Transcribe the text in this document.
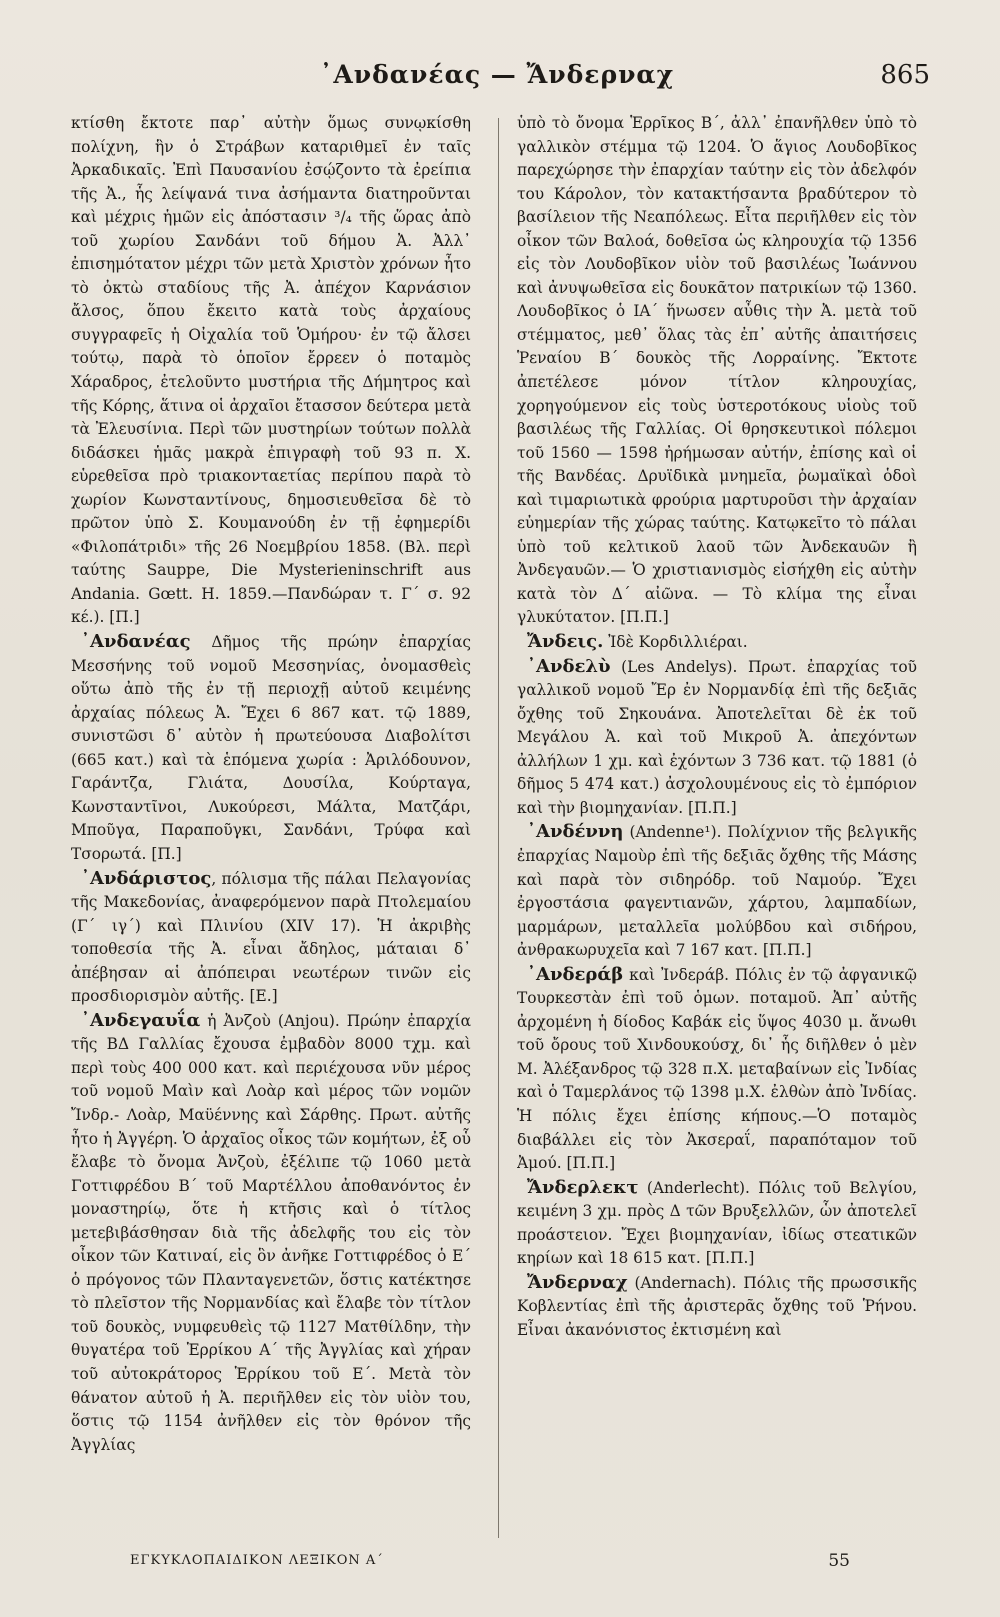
᾿Ανδανέας — Ἄνδερναχ	865

κτίσθη ἔκτοτε παρ᾿ αὐτὴν ὅμως συνῳκίσθη πολίχνη, ἣν ὁ Στράβων καταριθμεῖ ἐν ταῖς Ἀρκαδικαῖς. Ἐπὶ Παυσανίου ἐσῴζοντο τὰ ἐρείπια τῆς Ἀ., ἧς λείψανά τινα ἀσήμαντα διατηροῦνται καὶ μέχρις ἡμῶν εἰς ἀπόστασιν ³/₄ τῆς ὥρας ἀπὸ τοῦ χωρίου Σανδάνι τοῦ δήμου Ἀ. Ἀλλ᾿ ἐπισημότατον μέχρι τῶν μετὰ Χριστὸν χρόνων ἦτο τὸ ὀκτὼ σταδίους τῆς Ἀ. ἀπέχον Καρνάσιον ἄλσος, ὅπου ἔκειτο κατὰ τοὺς ἀρχαίους συγγραφεῖς ἡ Οἰχαλία τοῦ Ὁμήρου· ἐν τῷ ἄλσει τούτῳ, παρὰ τὸ ὁποῖον ἔρρεεν ὁ ποταμὸς Χάραδρος, ἐτελοῦντο μυστήρια τῆς Δήμητρος καὶ τῆς Κόρης, ἅτινα οἱ ἀρχαῖοι ἔτασσον δεύτερα μετὰ τὰ Ἐλευσίνια. Περὶ τῶν μυστηρίων τούτων πολλὰ διδάσκει ἡμᾶς μακρὰ ἐπιγραφὴ τοῦ 93 π. Χ. εὑρεθεῖσα πρὸ τριακονταετίας περίπου παρὰ τὸ χωρίον Κωνσταντίνους, δημοσιευθεῖσα δὲ τὸ πρῶτον ὑπὸ Σ. Κουμανούδη ἐν τῇ ἐφημερίδι «Φιλοπάτριδι» τῆς 26 Νοεμβρίου 1858. (Βλ. περὶ ταύτης Sauppe, Die Mysterieninschrift aus Andania. Gœtt. H. 1859.—Πανδώραν τ. Γ´ σ. 92 κέ.). [Π.]

᾿Ανδανέας Δῆμος τῆς πρώην ἐπαρχίας Μεσσήνης τοῦ νομοῦ Μεσσηνίας, ὀνομασθεὶς οὕτω ἀπὸ τῆς ἐν τῇ περιοχῇ αὐτοῦ κειμένης ἀρχαίας πόλεως Ἀ. Ἔχει 6 867 κατ. τῷ 1889, συνιστῶσι δ᾿ αὐτὸν ἡ πρωτεύουσα Διαβολίτσι (665 κατ.) καὶ τὰ ἑπόμενα χωρία : Ἀριλόδουνον, Γαράντζα, Γλιάτα, Δουσίλα, Κούρταγα, Κωνσταντῖνοι, Λυκούρεσι, Μάλτα, Ματζάρι, Μποῦγα, Παραποῦγκι, Σανδάνι, Τρύφα καὶ Τσορωτά. [Π.]

᾿Ανδάριστος, πόλισμα τῆς πάλαι Πελαγονίας τῆς Μακεδονίας, ἀναφερόμενον παρὰ Πτολεμαίου (Γ´ ιγ´) καὶ Πλινίου (XIV 17). Ἡ ἀκριβὴς τοποθεσία τῆς Ἀ. εἶναι ἄδηλος, μάταιαι δ᾿ ἀπέβησαν αἱ ἀπόπειραι νεωτέρων τινῶν εἰς προσδιορισμὸν αὐτῆς. [Ε.]

᾿Ανδεγαυΐα ἡ Ἀνζοὺ (Anjou). Πρώην ἐπαρχία τῆς ΒΔ Γαλλίας ἔχουσα ἐμβαδὸν 8000 τχμ. καὶ περὶ τοὺς 400 000 κατ. καὶ περιέχουσα νῦν μέρος τοῦ νομοῦ Μαὶν καὶ Λοὰρ καὶ μέρος τῶν νομῶν Ἴνδρ.- Λοὰρ, Μαϋέννης καὶ Σάρθης. Πρωτ. αὐτῆς ἦτο ἡ Ἀγγέρη. Ὁ ἀρχαῖος οἶκος τῶν κομήτων, ἐξ οὗ ἔλαβε τὸ ὄνομα Ἀνζοὺ, ἐξέλιπε τῷ 1060 μετὰ Γοττιφρέδου Β´ τοῦ Μαρτέλλου ἀποθανόντος ἐν μοναστηρίῳ, ὅτε ἡ κτῆσις καὶ ὁ τίτλος μετεβιβάσθησαν διὰ τῆς ἀδελφῆς του εἰς τὸν οἶκον τῶν Κατιναί, εἰς ὃν ἀνῆκε Γοττιφρέδος ὁ Ε´ ὁ πρόγονος τῶν Πλανταγενετῶν, ὅστις κατέκτησε τὸ πλεῖστον τῆς Νορμανδίας καὶ ἔλαβε τὸν τίτλον τοῦ δουκὸς, νυμφευθεὶς τῷ 1127 Ματθίλδην, τὴν θυγατέρα τοῦ Ἑρρίκου Α´ τῆς Ἀγγλίας καὶ χήραν τοῦ αὐτοκράτορος Ἑρρίκου τοῦ Ε´. Μετὰ τὸν θάνατον αὐτοῦ ἡ Ἀ. περιῆλθεν εἰς τὸν υἱὸν του, ὅστις τῷ 1154 ἀνῆλθεν εἰς τὸν θρόνον τῆς Ἀγγλίας

ὑπὸ τὸ ὄνομα Ἑρρῖκος Β´, ἀλλ᾿ ἐπανῆλθεν ὑπὸ τὸ γαλλικὸν στέμμα τῷ 1204. Ὁ ἅγιος Λουδοβῖκος παρεχώρησε τὴν ἐπαρχίαν ταύτην εἰς τὸν ἀδελφόν του Κάρολον, τὸν κατακτήσαντα βραδύτερον τὸ βασίλειον τῆς Νεαπόλεως. Εἶτα περιῆλθεν εἰς τὸν οἶκον τῶν Βαλοά, δοθεῖσα ὡς κληρουχία τῷ 1356 εἰς τὸν Λουδοβῖκον υἱὸν τοῦ βασιλέως Ἰωάννου καὶ ἀνυψωθεῖσα εἰς δουκᾶτον πατρικίων τῷ 1360. Λουδοβῖκος ὁ ΙΑ´ ἥνωσεν αὖθις τὴν Ἀ. μετὰ τοῦ στέμματος, μεθ᾿ ὅλας τὰς ἐπ᾿ αὐτῆς ἀπαιτήσεις Ῥεναίου Β´ δουκὸς τῆς Λορραίνης. Ἔκτοτε ἀπετέλεσε μόνον τίτλον κληρουχίας, χορηγούμενον εἰς τοὺς ὑστεροτόκους υἱοὺς τοῦ βασιλέως τῆς Γαλλίας. Οἱ θρησκευτικοὶ πόλεμοι τοῦ 1560 — 1598 ἠρήμωσαν αὐτήν, ἐπίσης καὶ οἱ τῆς Βανδέας. Δρυϊδικὰ μνημεῖα, ῥωμαϊκαὶ ὁδοὶ καὶ τιμαριωτικὰ φρούρια μαρτυροῦσι τὴν ἀρχαίαν εὐημερίαν τῆς χώρας ταύτης. Κατῳκεῖτο τὸ πάλαι ὑπὸ τοῦ κελτικοῦ λαοῦ τῶν Ἀνδεκαυῶν ἢ Ἀνδεγαυῶν.— Ὁ χριστιανισμὸς εἰσήχθη εἰς αὐτὴν κατὰ τὸν Δ´ αἰῶνα. — Τὸ κλίμα της εἶναι γλυκύτατον. [Π.Π.]

Ἄνδεις. Ἰδὲ Κορδιλλιέραι.

᾿Ανδελὺ (Les Andelys). Πρωτ. ἐπαρχίας τοῦ γαλλικοῦ νομοῦ Ἔρ ἐν Νορμανδίᾳ ἐπὶ τῆς δεξιᾶς ὄχθης τοῦ Σηκουάνα. Ἀποτελεῖται δὲ ἐκ τοῦ Μεγάλου Ἀ. καὶ τοῦ Μικροῦ Ἀ. ἀπεχόντων ἀλλήλων 1 χμ. καὶ ἐχόντων 3 736 κατ. τῷ 1881 (ὁ δῆμος 5 474 κατ.) ἀσχολουμένους εἰς τὸ ἐμπόριον καὶ τὴν βιομηχανίαν. [Π.Π.]

᾿Ανδέννη (Andenne¹). Πολίχνιον τῆς βελγικῆς ἐπαρχίας Ναμοὺρ ἐπὶ τῆς δεξιᾶς ὄχθης τῆς Μάσης καὶ παρὰ τὸν σιδηρόδρ. τοῦ Ναμούρ. Ἔχει ἐργοστάσια φαγεντιανῶν, χάρτου, λαμπαδίων, μαρμάρων, μεταλλεῖα μολύβδου καὶ σιδήρου, ἀνθρακωρυχεῖα καὶ 7 167 κατ. [Π.Π.]

᾿Ανδεράβ καὶ Ἰνδεράβ. Πόλις ἐν τῷ ἀφγανικῷ Τουρκεστὰν ἐπὶ τοῦ ὁμων. ποταμοῦ. Ἀπ᾿ αὐτῆς ἀρχομένη ἡ δίοδος Καβάκ εἰς ὕψος 4030 μ. ἄνωθι τοῦ ὄρους τοῦ Χινδουκούσχ, δι᾿ ἧς διῆλθεν ὁ μὲν Μ. Ἀλέξανδρος τῷ 328 π.Χ. μεταβαίνων εἰς Ἰνδίας καὶ ὁ Ταμερλάνος τῷ 1398 μ.Χ. ἐλθὼν ἀπὸ Ἰνδίας. Ἡ πόλις ἔχει ἐπίσης κήπους.—Ὁ ποταμὸς διαβάλλει εἰς τὸν Ἀκσεραΐ, παραπόταμον τοῦ Ἀμού. [Π.Π.]

Ἄνδερλεκτ (Anderlecht). Πόλις τοῦ Βελγίου, κειμένη 3 χμ. πρὸς Δ τῶν Βρυξελλῶν, ὧν ἀποτελεῖ προάστειον. Ἔχει βιομηχανίαν, ἰδίως στεατικῶν κηρίων καὶ 18 615 κατ. [Π.Π.]

Ἄνδερναχ (Andernach). Πόλις τῆς πρωσσικῆς Κοβλεντίας ἐπὶ τῆς ἀριστερᾶς ὄχθης τοῦ Ῥήνου. Εἶναι ἀκανόνιστος ἐκτισμένη καὶ

ΕΓΚΥΚΛΟΠΑΙΔΙΚΟΝ ΛΕΞΙΚΟΝ Α´	55
